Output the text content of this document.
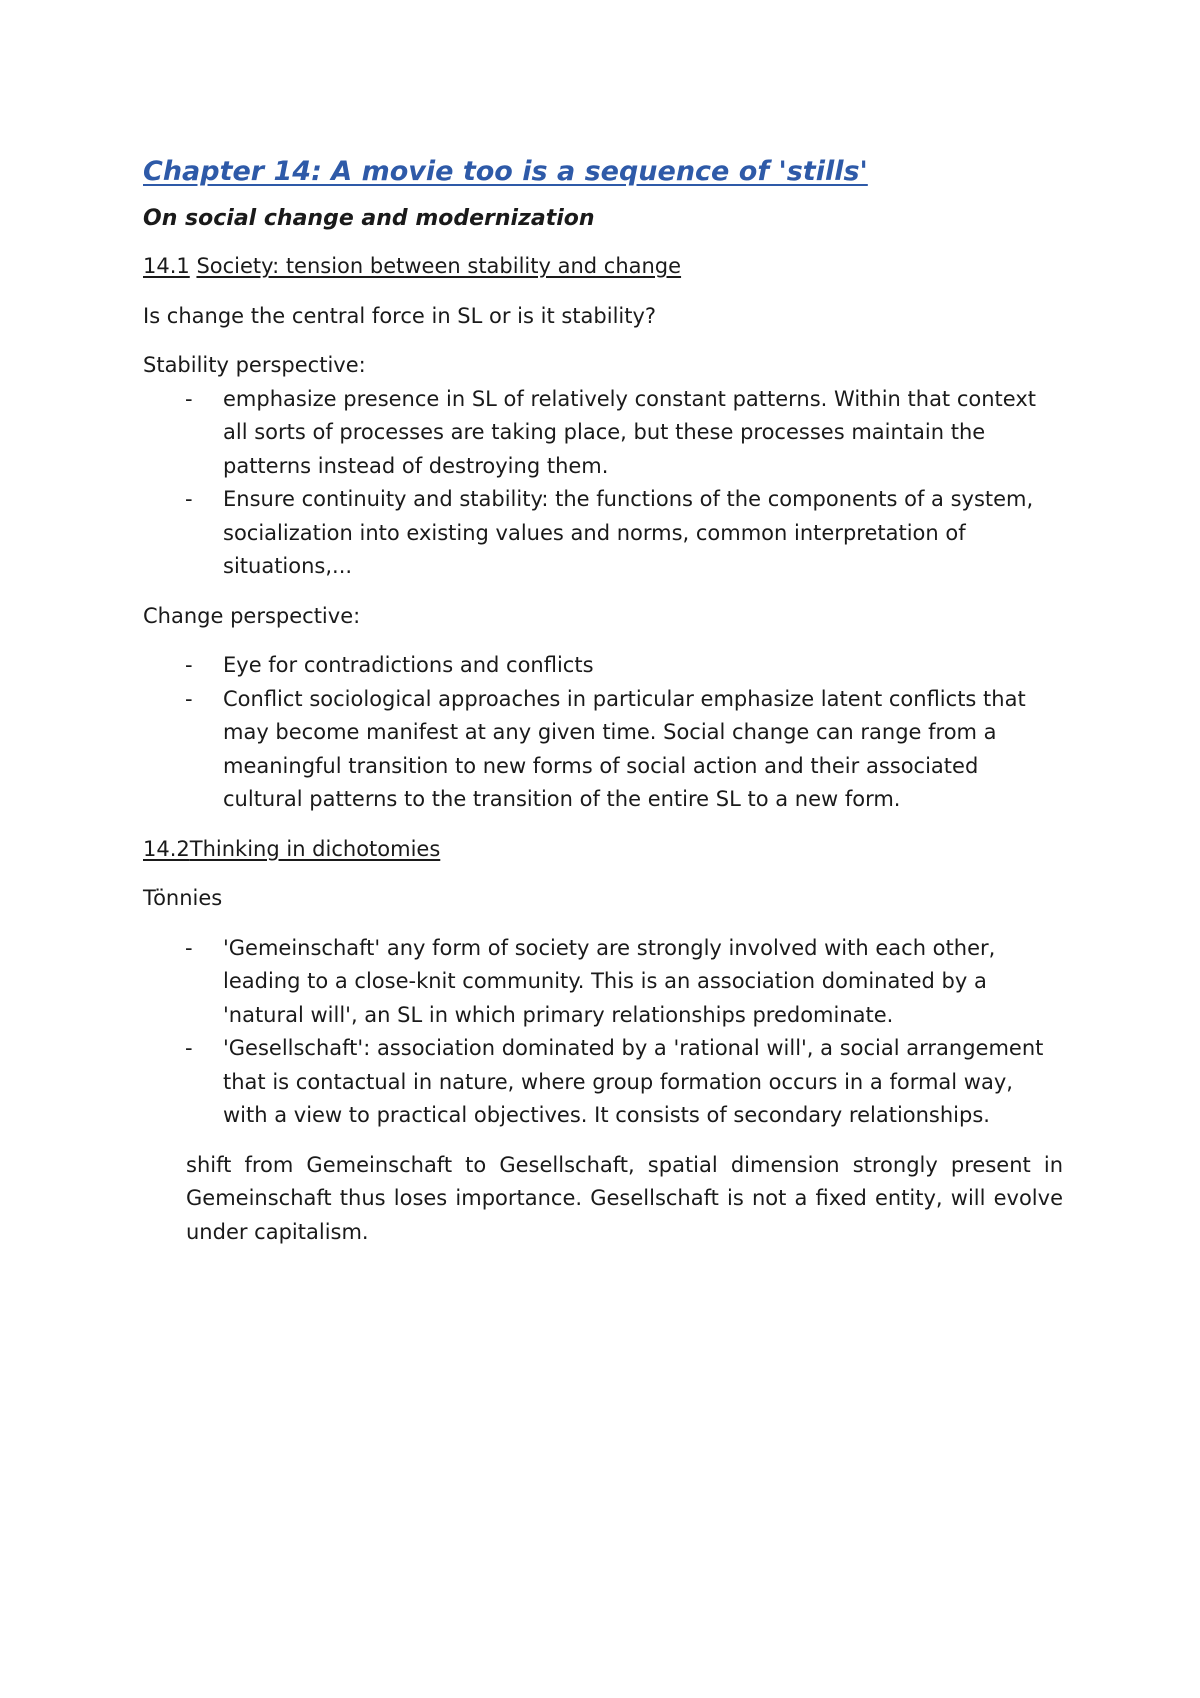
Chapter 14: A movie too is a sequence of 'stills'
On social change and modernization
14.1 Society: tension between stability and change

Is change the central force in SL or is it stability?

Stability perspective:

- emphasize presence in SL of relatively constant patterns. Within that context all sorts of processes are taking place, but these processes maintain the patterns instead of destroying them.
- Ensure continuity and stability: the functions of the components of a system, socialization into existing values and norms, common interpretation of situations,...

Change perspective:

- Eye for contradictions and conflicts
- Conflict sociological approaches in particular emphasize latent conflicts that may become manifest at any given time. Social change can range from a meaningful transition to new forms of social action and their associated cultural patterns to the transition of the entire SL to a new form.
14.2Thinking in dichotomies

Tönnies

- 'Gemeinschaft' any form of society are strongly involved with each other, leading to a close-knit community. This is an association dominated by a 'natural will', an SL in which primary relationships predominate.
- 'Gesellschaft': association dominated by a 'rational will', a social arrangement that is contactual in nature, where group formation occurs in a formal way, with a view to practical objectives. It consists of secondary relationships.

shift from Gemeinschaft to Gesellschaft, spatial dimension strongly present in Gemeinschaft thus loses importance. Gesellschaft is not a fixed entity, will evolve under capitalism.
